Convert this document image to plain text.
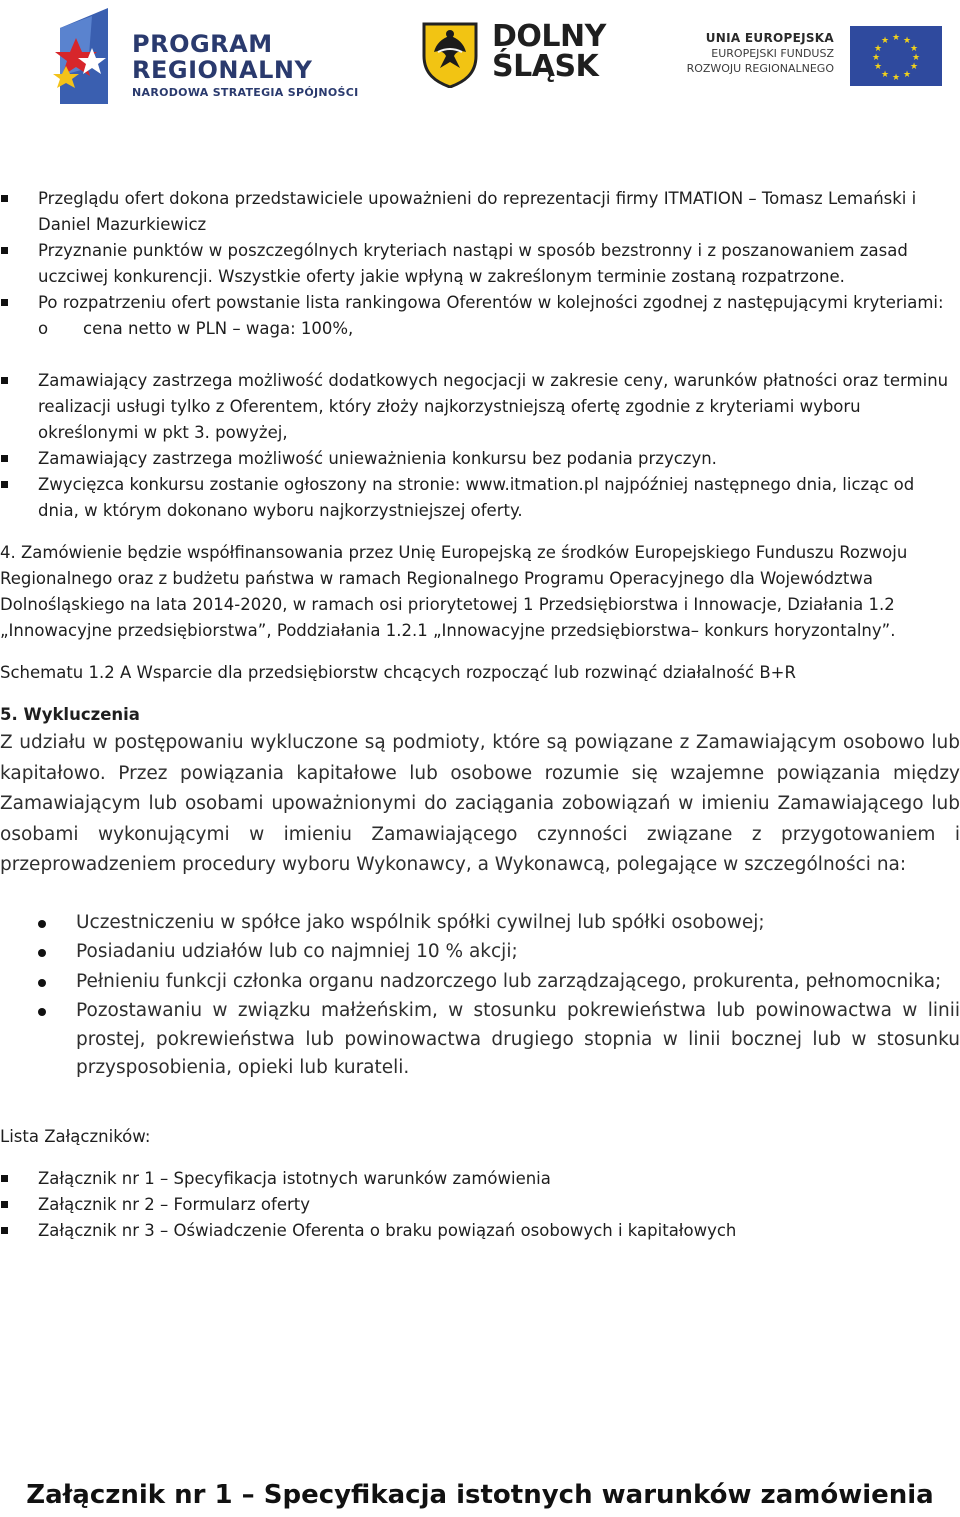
PROGRAM
REGIONALNY
NARODOWA STRATEGIA SPÓJNOŚCI
DOLNY
ŚLĄSK
UNIA EUROPEJSKA
EUROPEJSKI FUNDUSZ
ROZWOJU REGIONALNEGO
★ ★
★
★
★
★
★
★
★
★
★
★
Przeglądu ofert dokona przedstawiciele upoważnieni do reprezentacji firmy ITMATION – Tomasz Lemański i Daniel Mazurkiewicz
Przyznanie punktów w poszczególnych kryteriach nastąpi w sposób bezstronny i z poszanowaniem zasad uczciwej konkurencji. Wszystkie oferty jakie wpłyną w zakreślonym terminie zostaną rozpatrzone.
Po rozpatrzeniu ofert powstanie lista rankingowa Oferentów w kolejności zgodnej z następującymi kryteriami:
o cena netto w PLN – waga: 100%,
Zamawiający zastrzega możliwość dodatkowych negocjacji w zakresie ceny, warunków płatności oraz terminu realizacji usługi tylko z Oferentem, który złoży najkorzystniejszą ofertę zgodnie z kryteriami wyboru określonymi w pkt 3. powyżej,
Zamawiający zastrzega możliwość unieważnienia konkursu bez podania przyczyn.
Zwycięzca konkursu zostanie ogłoszony na stronie: www.itmation.pl najpóźniej następnego dnia, licząc od dnia, w którym dokonano wyboru najkorzystniejszej oferty.

4. Zamówienie będzie współfinansowania przez Unię Europejską ze środków Europejskiego Funduszu Rozwoju Regionalnego oraz z budżetu państwa w ramach Regionalnego Programu Operacyjnego dla Województwa Dolnośląskiego na lata 2014-2020, w ramach osi priorytetowej 1 Przedsiębiorstwa i Innowacje, Działania 1.2 „Innowacyjne przedsiębiorstwa”, Poddziałania 1.2.1 „Innowacyjne przedsiębiorstwa– konkurs horyzontalny”.

Schematu 1.2 A Wsparcie dla przedsiębiorstw chcących rozpocząć lub rozwinąć działalność B+R

5. Wykluczenia

Z udziału w postępowaniu wykluczone są podmioty, które są powiązane z Zamawiającym osobowo lub kapitałowo. Przez powiązania kapitałowe lub osobowe rozumie się wzajemne powiązania między Zamawiającym lub osobami upoważnionymi do zaciągania zobowiązań w imieniu Zamawiającego lub osobami wykonującymi w imieniu Zamawiającego czynności związane z przygotowaniem i przeprowadzeniem procedury wyboru Wykonawcy, a Wykonawcą, polegające w szczególności na:

Uczestniczeniu w spółce jako wspólnik spółki cywilnej lub spółki osobowej;
Posiadaniu udziałów lub co najmniej 10 % akcji;
Pełnieniu funkcji członka organu nadzorczego lub zarządzającego, prokurenta, pełnomocnika;
Pozostawaniu w związku małżeńskim, w stosunku pokrewieństwa lub powinowactwa w linii prostej, pokrewieństwa lub powinowactwa drugiego stopnia w linii bocznej lub w stosunku przysposobienia, opieki lub kurateli.

Lista Załączników:

Załącznik nr 1 – Specyfikacja istotnych warunków zamówienia
Załącznik nr 2 – Formularz oferty
Załącznik nr 3 – Oświadczenie Oferenta o braku powiązań osobowych i kapitałowych
Załącznik nr 1 – Specyfikacja istotnych warunków zamówienia
